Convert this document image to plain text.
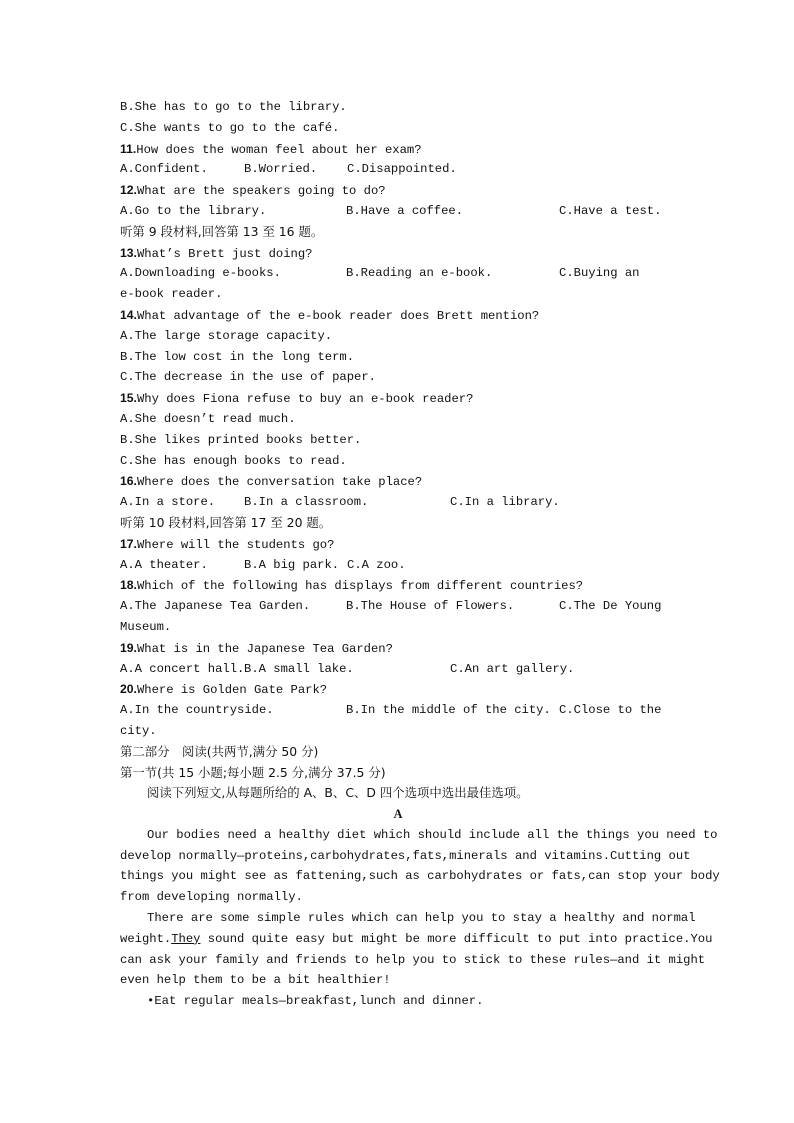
B.She has to go to the library.
C.She wants to go to the café.
11.How does the woman feel about her exam?
A.Confident.	B.Worried. C.Disappointed.
12.What are the speakers going to do?
A.Go to the library.	B.Have a coffee.	C.Have a test.
听第 9 段材料,回答第 13 至 16 题。
13.What’s Brett just doing?
A.Downloading e-books.	B.Reading an e-book.	C.Buying an
e-book reader.
14.What advantage of the e-book reader does Brett mention?
A.The large storage capacity.
B.The low cost in the long term.
C.The decrease in the use of paper.
15.Why does Fiona refuse to buy an e-book reader?
A.She doesn’t read much.
B.She likes printed books better.
C.She has enough books to read.
16.Where does the conversation take place?
A.In a store. B.In a classroom.	C.In a library.
听第 10 段材料,回答第 17 至 20 题。
17.Where will the students go?
A.A theater.	B.A big park. C.A zoo.
18.Which of the following has displays from different countries?
A.The Japanese Tea Garden.	B.The House of Flowers.	C.The De Young
Museum.
19.What is in the Japanese Tea Garden?
A.A concert hall. B.A small lake.	C.An art gallery.
20.Where is Golden Gate Park?
A.In the countryside.	B.In the middle of the city. C.Close to the
city.
第二部分　阅读(共两节,满分 50 分)
第一节(共 15 小题;每小题 2.5 分,满分 37.5 分)
阅读下列短文,从每题所给的 A、B、C、D 四个选项中选出最佳选项。
A
Our bodies need a healthy diet which should include all the things you need to
develop normally—proteins,carbohydrates,fats,minerals and vitamins.Cutting out
things you might see as fattening,such as carbohydrates or fats,can stop your body
from developing normally.
There are some simple rules which can help you to stay a healthy and normal
weight. They sound quite easy but might be more difficult to put into practice.You
can ask your family and friends to help you to stick to these rules—and it might
even help them to be a bit healthier!
•Eat regular meals—breakfast,lunch and dinner.
